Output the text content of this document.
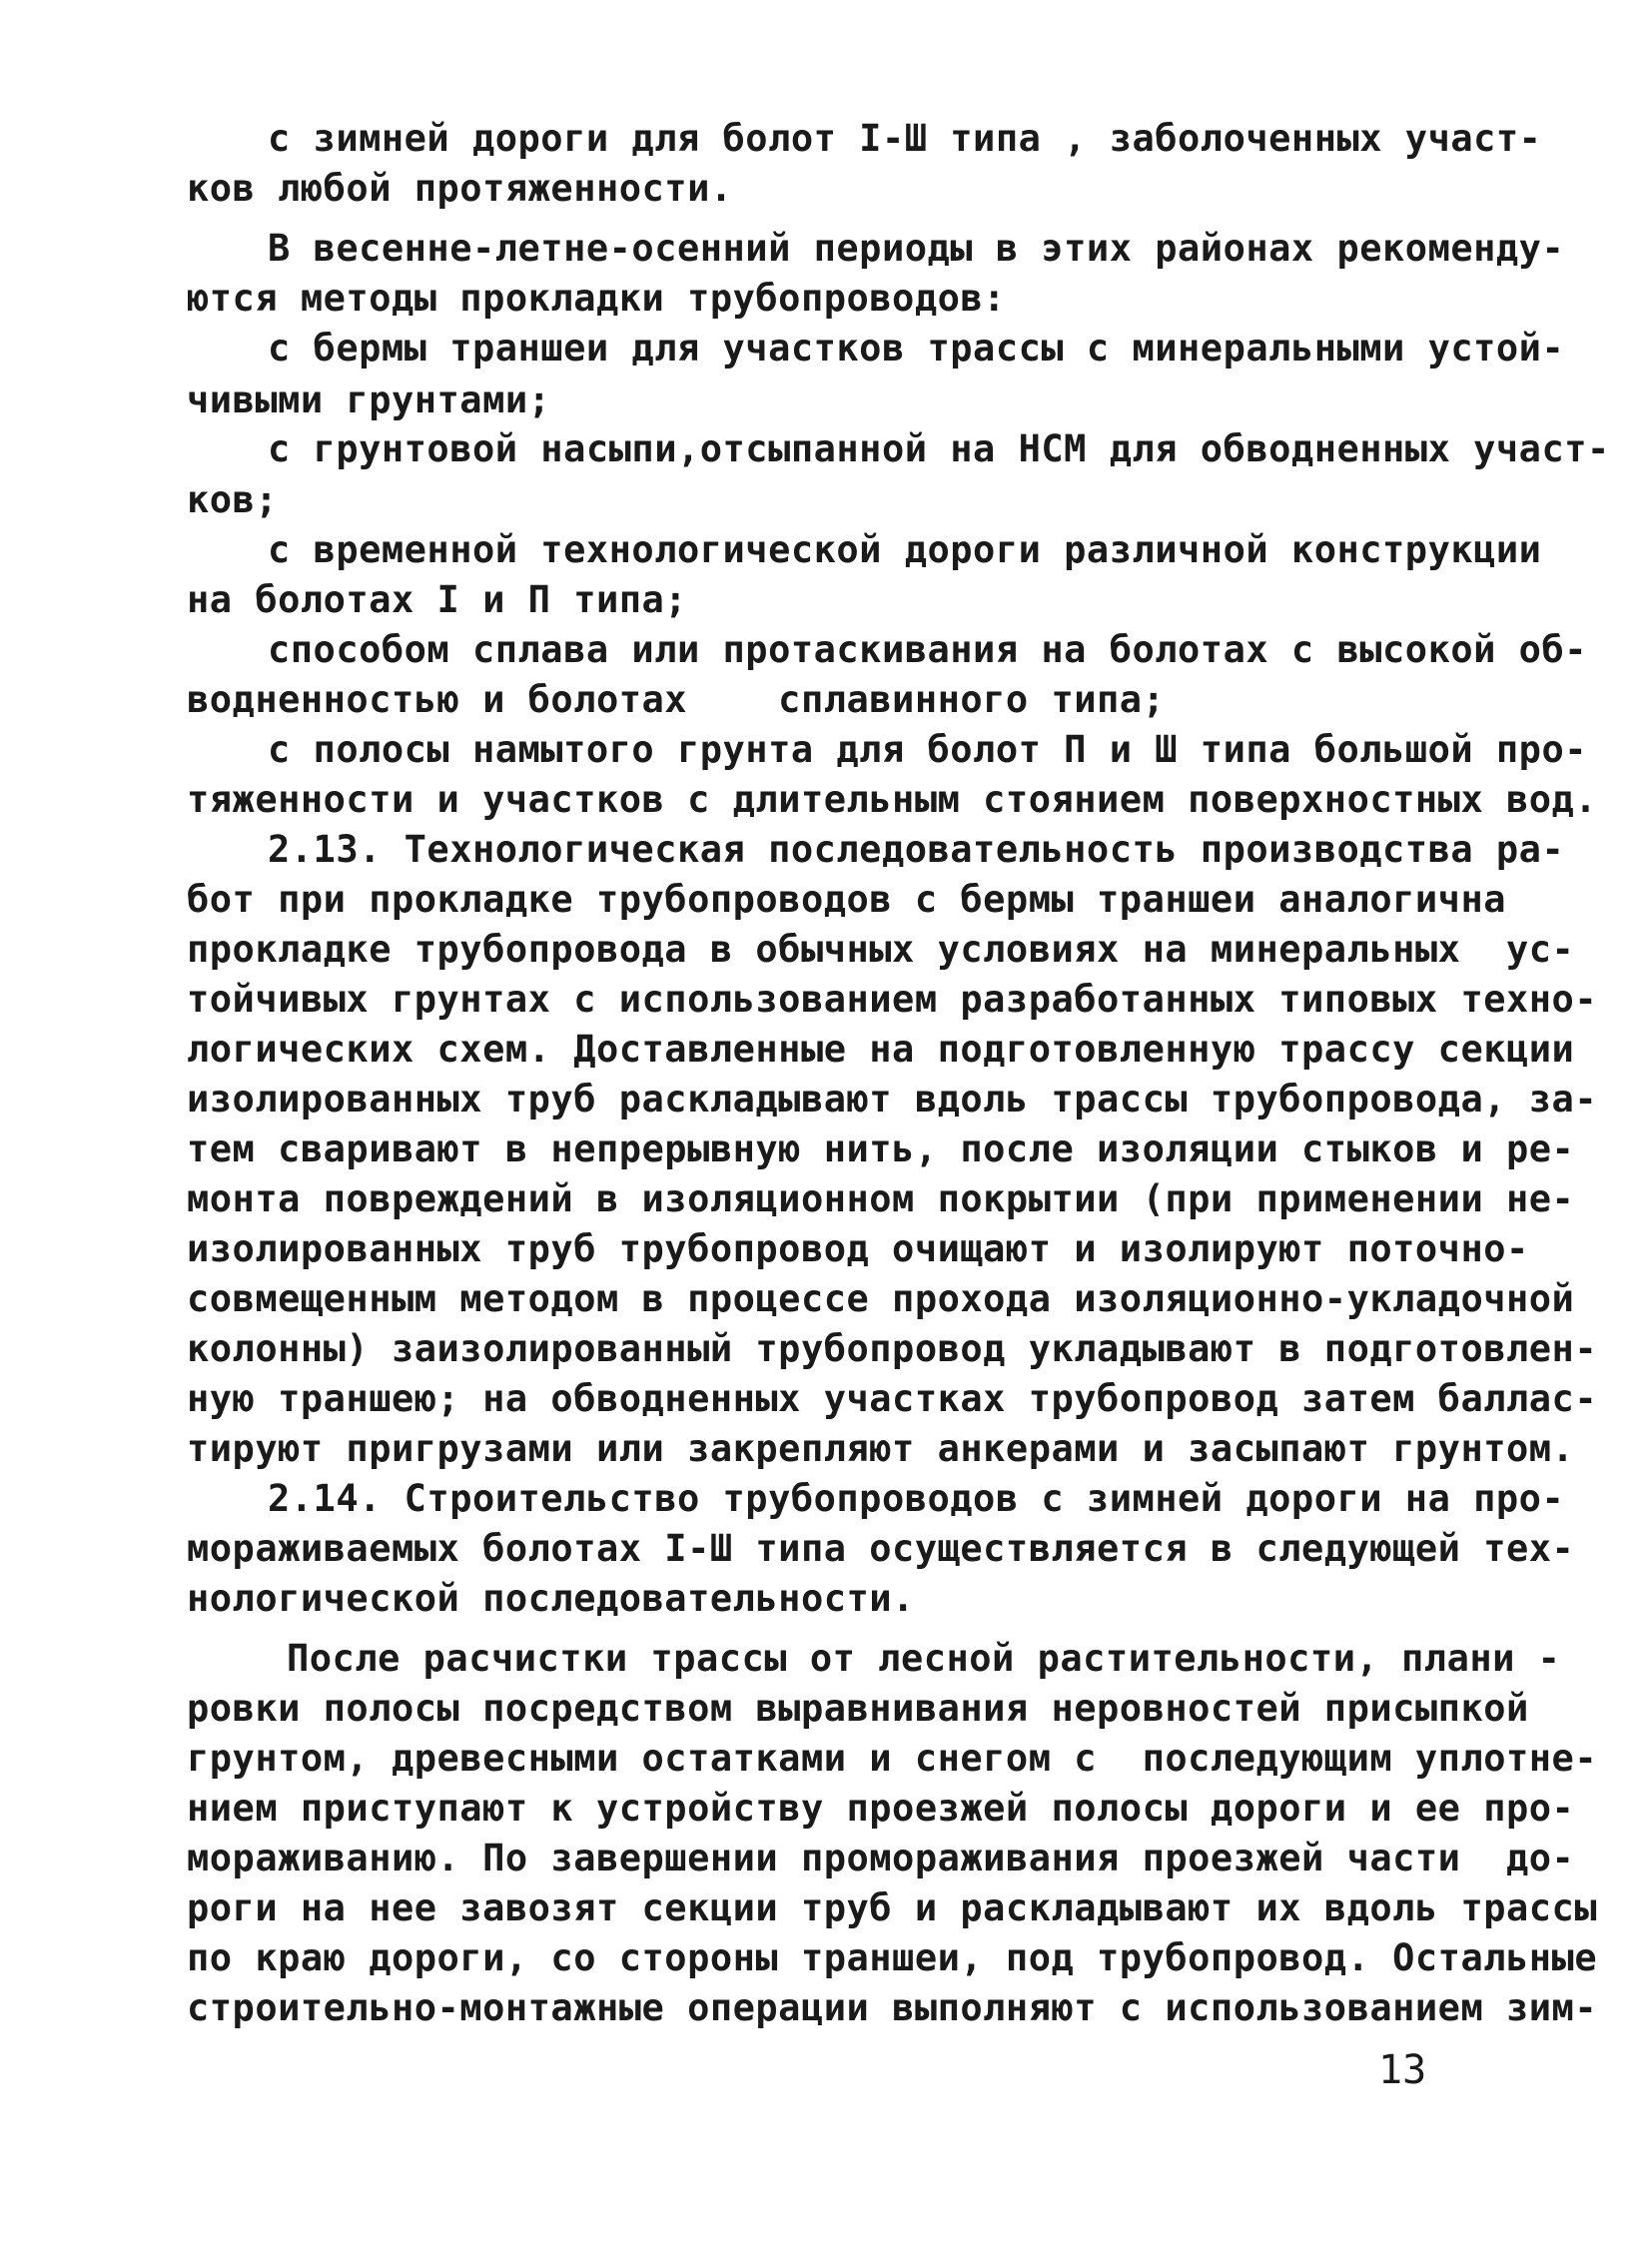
с зимней дороги для болот I-Ш типа , заболоченных участ-
ков любой протяженности.
В весенне-летне-осенний периоды в этих районах рекоменду-
ются методы прокладки трубопроводов:
с бермы траншеи для участков трассы с минеральными устой-
чивыми грунтами;
с грунтовой насыпи,отсыпанной на НСМ для обводненных участ-
ков;
с временной технологической дороги различной конструкции
на болотах I и П типа;
способом сплава или протаскивания на болотах с высокой об-
водненностью и болотах    сплавинного типа;
с полосы намытого грунта для болот П и Ш типа большой про-
тяженности и участков с длительным стоянием поверхностных вод.
2.13. Технологическая последовательность производства ра-
бот при прокладке трубопроводов с бермы траншеи аналогична
прокладке трубопровода в обычных условиях на минеральных  ус-
тойчивых грунтах с использованием разработанных типовых техно-
логических схем. Доставленные на подготовленную трассу секции
изолированных труб раскладывают вдоль трассы трубопровода, за-
тем сваривают в непрерывную нить, после изоляции стыков и ре-
монта повреждений в изоляционном покрытии (при применении не-
изолированных труб трубопровод очищают и изолируют поточно-
совмещенным методом в процессе прохода изоляционно-укладочной
колонны) заизолированный трубопровод укладывают в подготовлен-
ную траншею; на обводненных участках трубопровод затем баллас-
тируют пригрузами или закрепляют анкерами и засыпают грунтом.
2.14. Строительство трубопроводов с зимней дороги на про-
мораживаемых болотах I-Ш типа осуществляется в следующей тех-
нологической последовательности.
После расчистки трассы от лесной растительности, плани -
ровки полосы посредством выравнивания неровностей присыпкой
грунтом, древесными остатками и снегом с  последующим уплотне-
нием приступают к устройству проезжей полосы дороги и ее про-
мораживанию. По завершении промораживания проезжей части  до-
роги на нее завозят секции труб и раскладывают их вдоль трассы
по краю дороги, со стороны траншеи, под трубопровод. Остальные
строительно-монтажные операции выполняют с использованием зим-
13
